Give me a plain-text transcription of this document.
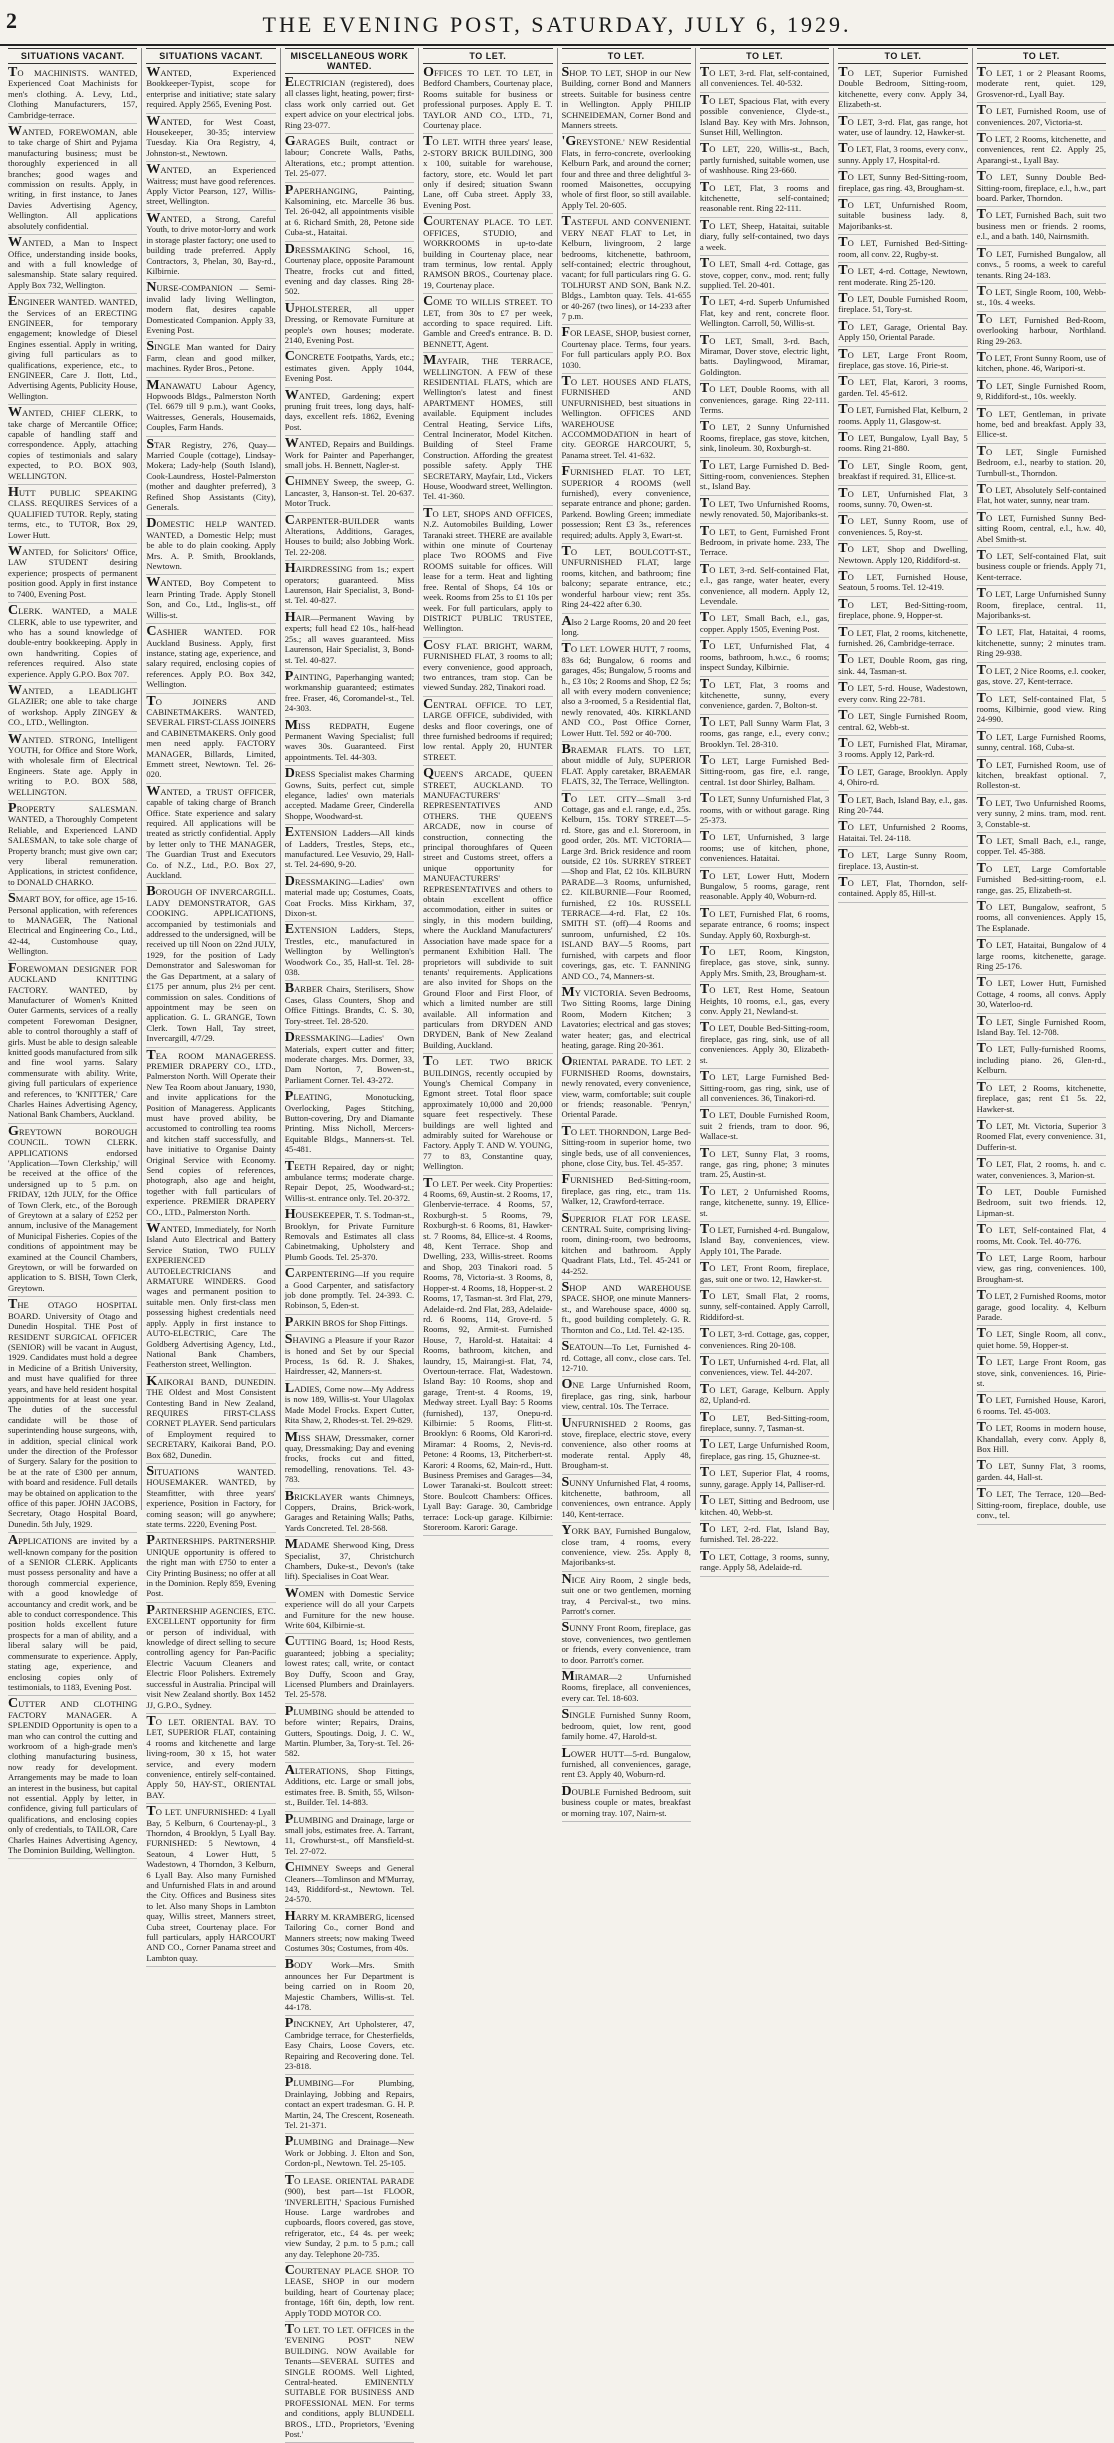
2	THE EVENING POST, SATURDAY, JULY 6, 1929.
SITUATIONS VACANT.

TO MACHINISTS. WANTED, Experienced Coat Machinists for men's clothing. A. Levy, Ltd., Clothing Manufacturers, 157, Cambridge-terrace.

WANTED, FOREWOMAN, able to take charge of Shirt and Pyjama manufacturing business; must be thoroughly experienced in all branches; good wages and commission on results. Apply, in writing, in first instance, to Janes Davies Advertising Agency, Wellington. All applications absolutely confidential.

WANTED, a Man to Inspect Office, understanding inside books, and with a full knowledge of salesmanship. State salary required. Apply Box 732, Wellington.

ENGINEER WANTED. WANTED, the Services of an ERECTING ENGINEER, for temporary engagement; knowledge of Diesel Engines essential. Apply in writing, giving full particulars as to qualifications, experience, etc., to ENGINEER, Care J. Ilott, Ltd., Advertising Agents, Publicity House, Wellington.

WANTED, CHIEF CLERK, to take charge of Mercantile Office; capable of handling staff and correspondence. Apply, attaching copies of testimonials and salary expected, to P.O. BOX 903, WELLINGTON.

HUTT PUBLIC SPEAKING CLASS. REQUIRES Services of a QUALIFIED TUTOR. Reply, stating terms, etc., to TUTOR, Box 29, Lower Hutt.

WANTED, for Solicitors' Office, LAW STUDENT desiring experience; prospects of permanent position good. Apply in first instance to 7400, Evening Post.

CLERK. WANTED, a MALE CLERK, able to use typewriter, and who has a sound knowledge of double-entry bookkeeping. Apply in own handwriting. Copies of references required. Also state experience. Apply G.P.O. Box 707.

WANTED, a LEADLIGHT GLAZIER; one able to take charge of workshop. Apply ZINGEY & CO., LTD., Wellington.

WANTED. STRONG, Intelligent YOUTH, for Office and Store Work, with wholesale firm of Electrical Engineers. State age. Apply in writing to P.O. BOX 588, WELLINGTON.

PROPERTY SALESMAN. WANTED, a Thoroughly Competent Reliable, and Experienced LAND SALESMAN, to take sole charge of Property branch; must give own car; very liberal remuneration. Applications, in strictest confidence, to DONALD CHARKO.

SMART BOY, for office, age 15-16. Personal application, with references to MANAGER, The National Electrical and Engineering Co., Ltd., 42-44, Customhouse quay, Wellington.

FOREWOMAN DESIGNER FOR AUCKLAND KNITTING FACTORY. WANTED, by Manufacturer of Women's Knitted Outer Garments, services of a really competent Forewoman Designer, able to control thoroughly a staff of girls. Must be able to design saleable knitted goods manufactured from silk and fine wool yarns. Salary commensurate with ability. Write, giving full particulars of experience and references, to 'KNITTER,' Care Charles Haines Advertising Agency, National Bank Chambers, Auckland.

GREYTOWN BOROUGH COUNCIL. TOWN CLERK. APPLICATIONS endorsed 'Application—Town Clerkship,' will be received at the office of the undersigned up to 5 p.m. on FRIDAY, 12th JULY, for the Office of Town Clerk, etc., of the Borough of Greytown at a salary of £252 per annum, inclusive of the Management of Municipal Fisheries. Copies of the conditions of appointment may be examined at the Council Chambers, Greytown, or will be forwarded on application to S. BISH, Town Clerk, Greytown.

THE OTAGO HOSPITAL BOARD. University of Otago and Dunedin Hospital. THE Post of RESIDENT SURGICAL OFFICER (SENIOR) will be vacant in August, 1929. Candidates must hold a degree in Medicine of a British University, and must have qualified for three years, and have held resident hospital appointments for at least one year. The duties of the successful candidate will be those of superintending house surgeons, with, in addition, special clinical work under the direction of the Professor of Surgery. Salary for the position to be at the rate of £300 per annum, with board and residence. Full details may be obtained on application to the office of this paper. JOHN JACOBS, Secretary, Otago Hospital Board, Dunedin. 5th July, 1929.

APPLICATIONS are invited by a well-known company for the position of a SENIOR CLERK. Applicants must possess personality and have a thorough commercial experience, with a good knowledge of accountancy and credit work, and be able to conduct correspondence. This position holds excellent future prospects for a man of ability, and a liberal salary will be paid, commensurate to experience. Apply, stating age, experience, and enclosing copies only of testimonials, to 1183, Evening Post.

CUTTER AND CLOTHING FACTORY MANAGER. A SPLENDID Opportunity is open to a man who can control the cutting and workroom of a high-grade men's clothing manufacturing business, now ready for development. Arrangements may be made to loan an interest in the business, but capital not essential. Apply by letter, in confidence, giving full particulars of qualifications, and enclosing copies only of credentials, to TAILOR, Care Charles Haines Advertising Agency, The Dominion Building, Wellington.

SITUATIONS VACANT.

WANTED, Experienced Bookkeeper-Typist, scope for enterprise and initiative; state salary required. Apply 2565, Evening Post.

WANTED, for West Coast, Housekeeper, 30-35; interview Tuesday. Kia Ora Registry, 4, Johnston-st., Newtown.

WANTED, an Experienced Waitress; must have good references. Apply Victor Pearson, 127, Willis-street, Wellington.

WANTED, a Strong, Careful Youth, to drive motor-lorry and work in storage plaster factory; one used to building trade preferred. Apply Contractors, 3, Phelan, 30, Bay-rd., Kilbirnie.

NURSE-COMPANION — Semi-invalid lady living Wellington, modern flat, desires capable Domesticated Companion. Apply 33, Evening Post.

SINGLE Man wanted for Dairy Farm, clean and good milker, machines. Ryder Bros., Petone.

MANAWATU Labour Agency, Hopwoods Bldgs., Palmerston North (Tel. 6679 till 9 p.m.), want Cooks, Waitresses, Generals, Housemaids, Couples, Farm Hands.

STAR Registry, 276, Quay—Married Couple (cottage), Lindsay-Mokera; Lady-help (South Island), Cook-Laundress, Hostel-Palmerston (mother and daughter preferred), 3 Refined Shop Assistants (City), Generals.

DOMESTIC HELP WANTED. WANTED, a Domestic Help; must be able to do plain cooking. Apply Mrs. A. P. Smith, Brooklands, Newtown.

WANTED, Boy Competent to learn Printing Trade. Apply Stonell Son, and Co., Ltd., Inglis-st., off Willis-st.

CASHIER WANTED. FOR Auckland Business. Apply, first instance, stating age, experience, and salary required, enclosing copies of references. Apply P.O. Box 342, Wellington.

TO JOINERS AND CABINETMAKERS. WANTED, SEVERAL FIRST-CLASS JOINERS and CABINETMAKERS. Only good men need apply. FACTORY MANAGER, Billards, Limited, Emmett street, Newtown. Tel. 26-020.

WANTED, a TRUST OFFICER, capable of taking charge of Branch Office. State experience and salary required. All applications will be treated as strictly confidential. Apply by letter only to THE MANAGER, The Guardian Trust and Executors Co. of N.Z., Ltd., P.O. Box 27, Auckland.

BOROUGH OF INVERCARGILL. LADY DEMONSTRATOR, GAS COOKING. APPLICATIONS, accompanied by testimonials and addressed to the undersigned, will be received up till Noon on 22nd JULY, 1929, for the position of Lady Demonstrator and Saleswoman for the Gas Department, at a salary of £175 per annum, plus 2½ per cent. commission on sales. Conditions of appointment may be seen on application. G. L. GRANGE, Town Clerk. Town Hall, Tay street, Invercargill, 4/7/29.

TEA ROOM MANAGERESS. PREMIER DRAPERY CO., LTD., Palmerston North. Will Operate their New Tea Room about January, 1930, and invite applications for the Position of Manageress. Applicants must have proved ability, be accustomed to controlling tea rooms and kitchen staff successfully, and have initiative to Organise Dainty Original Service with Economy. Send copies of references, photograph, also age and height, together with full particulars of experience. PREMIER DRAPERY CO., LTD., Palmerston North.

WANTED, Immediately, for North Island Auto Electrical and Battery Service Station, TWO FULLY EXPERIENCED AUTOELECTRICIANS and ARMATURE WINDERS. Good wages and permanent position to suitable men. Only first-class men possessing highest credentials need apply. Apply in first instance to AUTO-ELECTRIC, Care The Goldberg Advertising Agency, Ltd., National Bank Chambers, Featherston street, Wellington.

KAIKORAI BAND, DUNEDIN. THE Oldest and Most Consistent Contesting Band in New Zealand, REQUIRES FIRST-CLASS CORNET PLAYER. Send particulars of Employment required to SECRETARY, Kaikorai Band, P.O. Box 682, Dunedin.

SITUATIONS WANTED. HOUSEMAKER. WANTED, by Steamfitter, with three years' experience, Position in Factory, for coming season; will go anywhere; state terms. 2220, Evening Post.

PARTNERSHIPS. PARTNERSHIP. UNIQUE opportunity is offered to the right man with £750 to enter a City Printing Business; no offer at all in the Dominion. Reply 859, Evening Post.

PARTNERSHIP AGENCIES, ETC. EXCELLENT opportunity for firm or person of individual, with knowledge of direct selling to secure controlling agency for Pan-Pacific Electric Vacuum Cleaners and Electric Floor Polishers. Extremely successful in Australia. Principal will visit New Zealand shortly. Box 1452 JJ, G.P.O., Sydney.

TO LET. ORIENTAL BAY. TO LET, SUPERIOR FLAT, containing 4 rooms and kitchenette and large living-room, 30 x 15, hot water service, and every modern convenience, entirely self-contained. Apply 50, HAY-ST., ORIENTAL BAY.

TO LET. UNFURNISHED: 4 Lyall Bay, 5 Kelburn, 6 Courtenay-pl., 3 Thorndon, 4 Brooklyn, 5 Lyall Bay. FURNISHED: 5 Newtown, 4 Seatoun, 4 Lower Hutt, 5 Wadestown, 4 Thorndon, 3 Kelburn, 6 Lyall Bay. Also many Furnished and Unfurnished Flats in and around the City. Offices and Business sites to let. Also many Shops in Lambton quay, Willis street, Manners street, Cuba street, Courtenay place. For full particulars, apply HARCOURT AND CO., Corner Panama street and Lambton quay.

MISCELLANEOUS WORK WANTED.

ELECTRICIAN (registered), does all classes light, heating, power; first-class work only carried out. Get expert advice on your electrical jobs. Ring 23-077.

GARAGES Built, contract or labour; Concrete Walls, Paths, Alterations, etc.; prompt attention. Tel. 25-077.

PAPERHANGING, Painting, Kalsomining, etc. Marcelle 36 bus. Tel. 26-042, all appointments visible at 6. Richard Smith, 28, Petone side Cuba-st., Hataitai.

DRESSMAKING School, 16, Courtenay place, opposite Paramount Theatre, frocks cut and fitted, evening and day classes. Ring 28-502.

UPHOLSTERER, all upper Dressing, or Removate Furniture at people's own houses; moderate. 2140, Evening Post.

CONCRETE Footpaths, Yards, etc.; estimates given. Apply 1044, Evening Post.

WANTED, Gardening; expert pruning fruit trees, long days, half-days, excellent refs. 1862, Evening Post.

WANTED, Repairs and Buildings. Work for Painter and Paperhanger, small jobs. H. Bennett, Nagler-st.

CHIMNEY Sweep, the sweep, G. Lancaster, 3, Hanson-st. Tel. 20-637. Motor Truck.

CARPENTER-BUILDER wants Alterations, Additions, Garages, Houses to build; also Jobbing Work. Tel. 22-208.

HAIRDRESSING from 1s.; expert operators; guaranteed. Miss Laurenson, Hair Specialist, 3, Bond-st. Tel. 40-827.

HAIR—Permanent Waving by experts; full head £2 10s., half-head 25s.; all waves guaranteed. Miss Laurenson, Hair Specialist, 3, Bond-st. Tel. 40-827.

PAINTING, Paperhanging wanted; workmanship guaranteed; estimates free. Fraser, 46, Coromandel-st., Tel. 24-303.

MISS REDPATH, Eugene Permanent Waving Specialist; full waves 30s. Guaranteed. First appointments. Tel. 44-303.

DRESS Specialist makes Charming Gowns, Suits, perfect cut, simple elegance, ladies' own materials accepted. Madame Greer, Cinderella Shoppe, Woodward-st.

EXTENSION Ladders—All kinds of Ladders, Trestles, Steps, etc., manufactured. Lee Vesuvio, 29, Hall-st. Tel. 24-690, 9-20.

DRESSMAKING—Ladies' own material made up; Costumes, Coats, Coat Frocks. Miss Kirkham, 37, Dixon-st.

EXTENSION Ladders, Steps, Trestles, etc., manufactured in Wellington by Wellington's Woodwork Co., 35, Hall-st. Tel. 28-038.

BARBER Chairs, Sterilisers, Show Cases, Glass Counters, Shop and Office Fittings. Brandts, C. S. 30, Tory-street. Tel. 28-520.

DRESSMAKING—Ladies' Own Materials, expert cutter and fitter; moderate charges. Mrs. Dormer, 33, Dam Norton, 7, Bowen-st., Parliament Corner. Tel. 43-272.

PLEATING, Monotucking, Overlocking, Pages Stitching, Button-covering, Dry and Diamante Printing. Miss Nicholl, Mercers-Equitable Bldgs., Manners-st. Tel. 45-481.

TEETH Repaired, day or night; ambulance terms; moderate charge. Repair Depot, 25, Woodward-st.; Willis-st. entrance only. Tel. 20-372.

HOUSEKEEPER, T. S. Todman-st., Brooklyn, for Private Furniture Removals and Estimates all class Cabinetmaking, Upholstery and Plumb Goods. Tel. 25-370.

CARPENTERING—If you require a Good Carpenter, and satisfactory job done promptly. Tel. 24-393. C. Robinson, 5, Eden-st.

PARKIN BROS for Shop Fittings.

SHAVING a Pleasure if your Razor is honed and Set by our Special Process, 1s 6d. R. J. Shakes, Hairdresser, 42, Manners-st.

LADIES, Come now—My Address is now 189, Willis-st. Your Ulagolax Made Model Frocks. Expert Cutter, Rita Shaw, 2, Rhodes-st. Tel. 29-829.

MISS SHAW, Dressmaker, corner quay, Dressmaking; Day and evening frocks, frocks cut and fitted, remodelling, renovations. Tel. 43-783.

BRICKLAYER wants Chimneys, Coppers, Drains, Brick-work, Garages and Retaining Walls; Paths, Yards Concreted. Tel. 28-568.

MADAME Sherwood King, Dress Specialist, 37, Christchurch Chambers, Duke-st., Devon's (take lift). Specialises in Coat Wear.

WOMEN with Domestic Service experience will do all your Carpets and Furniture for the new house. Write 604, Kilbirnie-st.

CUTTING Board, 1s; Hood Rests, guaranteed; jobbing a speciality; lowest rates; call, write, or contact Boy Duffy, Scoon and Gray, Licensed Plumbers and Drainlayers. Tel. 25-578.

PLUMBING should be attended to before winter; Repairs, Drains, Gutters, Spoutings. Doig, J. C. W., Martin. Plumber, 3a, Tory-st. Tel. 26-582.

ALTERATIONS, Shop Fittings, Additions, etc. Large or small jobs, estimates free. B. Smith, 55, Wilson-st., Builder. Tel. 14-883.

PLUMBING and Drainage, large or small jobs, estimates free. A. Tarrant, 11, Crowhurst-st., off Mansfield-st. Tel. 27-072.

CHIMNEY Sweeps and General Cleaners—Tomlinson and M'Murray, 143, Riddiford-st., Newtown. Tel. 24-570.

HARRY M. KRAMBERG, licensed Tailoring Co., corner Bond and Manners streets; now making Tweed Costumes 30s; Costumes, from 40s.

BODY Work—Mrs. Smith announces her Fur Department is being carried on in Room 20, Majestic Chambers, Willis-st. Tel. 44-178.

PINCKNEY, Art Upholsterer, 47, Cambridge terrace, for Chesterfields, Easy Chairs, Loose Covers, etc. Repairing and Recovering done. Tel. 23-818.

PLUMBING—For Plumbing, Drainlaying, Jobbing and Repairs, contact an expert tradesman. G. H. P. Martin, 24, The Crescent, Roseneath. Tel. 21-371.

PLUMBING and Drainage—New Work or Jobbing. J. Elton and Son, Cordon-pl., Newtown. Tel. 25-105.

TO LEASE. ORIENTAL PARADE (900), best part—1st FLOOR, 'INVERLEITH,' Spacious Furnished House. Large wardrobes and cupboards, floors covered, gas stove, refrigerator, etc., £4 4s. per week; view Sunday, 2 p.m. to 5 p.m.; call any day. Telephone 20-735.

COURTENAY PLACE SHOP. TO LEASE, SHOP in our modern building, heart of Courtenay place; frontage, 16ft 6in, depth, low rent. Apply TODD MOTOR CO.

TO LET. TO LET. OFFICES in the 'EVENING POST' NEW BUILDING. NOW Available for Tenants—SEVERAL SUITES and SINGLE ROOMS. Well Lighted, Central-heated. EMINENTLY SUITABLE FOR BUSINESS AND PROFESSIONAL MEN. For terms and conditions, apply BLUNDELL BROS., LTD., Proprietors, 'Evening Post.'

TO LET.

OFFICES TO LET. TO LET, in Bedford Chambers, Courtenay place, Rooms suitable for business or professional purposes. Apply E. T. TAYLOR AND CO., LTD., 71, Courtenay place.

TO LET. WITH three years' lease, 2-STORY BRICK BUILDING, 300 x 100, suitable for warehouse, factory, store, etc. Would let part only if desired; situation Swann Lane, off Cuba street. Apply 33, Evening Post.

COURTENAY PLACE. TO LET. OFFICES, STUDIO, and WORKROOMS in up-to-date building in Courtenay place, near tram terminus, low rental. Apply RAMSON BROS., Courtenay place. 19, Courtenay place.

COME TO WILLIS STREET. TO LET, from 30s to £7 per week, according to space required. Lift. Gamble and Creed's entrance. B. D. BENNETT, Agent.

MAYFAIR, THE TERRACE, WELLINGTON. A FEW of these RESIDENTIAL FLATS, which are Wellington's latest and finest APARTMENT HOMES, still available. Equipment includes Central Heating, Service Lifts, Central Incinerator, Model Kitchen. Building of Steel Frame Construction. Affording the greatest possible safety. Apply THE SECRETARY, Mayfair, Ltd., Vickers House, Woodward street, Wellington. Tel. 41-360.

TO LET, SHOPS AND OFFICES, N.Z. Automobiles Building, Lower Taranaki street. THERE are available within one minute of Courtenay place Two ROOMS and Five ROOMS suitable for offices. Will lease for a term. Heat and lighting free. Rental of Shops, £4 10s or week. Rooms from 25s to £1 10s per week. For full particulars, apply to DISTRICT PUBLIC TRUSTEE, Wellington.

COSY FLAT. BRIGHT, WARM, FURNISHED FLAT, 3 rooms to all; every convenience, good approach, two entrances, tram stop. Can be viewed Sunday. 282, Tinakori road.

CENTRAL OFFICE. TO LET, LARGE OFFICE, subdivided, with desks and floor coverings, one of three furnished bedrooms if required; low rental. Apply 20, HUNTER STREET.

QUEEN'S ARCADE, QUEEN STREET, AUCKLAND. TO MANUFACTURERS' REPRESENTATIVES AND OTHERS. THE QUEEN'S ARCADE, now in course of construction, connecting the principal thoroughfares of Queen street and Customs street, offers a unique opportunity for MANUFACTURERS' REPRESENTATIVES and others to obtain excellent office accommodation, either in suites or singly, in this modern building, where the Auckland Manufacturers' Association have made space for a permanent Exhibition Hall. The proprietors will subdivide to suit tenants' requirements. Applications are also invited for Shops on the Ground Floor and First Floor, of which a limited number are still available. All information and particulars from DRYDEN AND DRYDEN, Bank of New Zealand Building, Auckland.

TO LET. TWO BRICK BUILDINGS, recently occupied by Young's Chemical Company in Egmont street. Total floor space approximately 10,000 and 20,000 square feet respectively. These buildings are well lighted and admirably suited for Warehouse or Factory. Apply T. AND W. YOUNG, 77 to 83, Constantine quay, Wellington.

TO LET. Per week. City Properties: 4 Rooms, 69, Austin-st. 2 Rooms, 17, Glenbervie-terrace. 4 Rooms, 57, Roxburgh-st. 5 Rooms, 79, Roxburgh-st. 6 Rooms, 81, Hawker-st. 7 Rooms, 84, Ellice-st. 4 Rooms, 48, Kent Terrace. Shop and Dwelling, 233, Willis-street. Rooms and Shop, 203 Tinakori road. 5 Rooms, 78, Victoria-st. 3 Rooms, 8, Hopper-st. 4 Rooms, 18, Hopper-st. 2 Rooms, 17, Tasman-st. 3rd Flat, 279, Adelaide-rd. 2nd Flat, 283, Adelaide-rd. 6 Rooms, 114, Grove-rd. 5 Rooms, 92, Armit-st. Furnished House, 7, Harold-st. Hataitai: 4 Rooms, bathroom, kitchen, and laundry, 15, Mairangi-st. Flat, 74, Overtoun-terrace. Flat, Wadestown. Island Bay: 10 Rooms, shop and garage, Trent-st. 4 Rooms, 19, Medway street. Lyall Bay: 5 Rooms (furnished), 137, Onepu-rd. Kilbirnie: 5 Rooms, Flitt-st. Brooklyn: 6 Rooms, Old Karori-rd. Miramar: 4 Rooms, 2, Nevis-rd. Petone: 4 Rooms, 13, Pitcherbert-st. Karori: 4 Rooms, 62, Main-rd., Hutt. Business Premises and Garages—34, Lower Taranaki-st. Boulcott street: Store. Boulcott Chambers: Offices. Lyall Bay: Garage. 30, Cambridge terrace: Lock-up garage. Kilbirnie: Storeroom. Karori: Garage.

TO LET.

SHOP. TO LET, SHOP in our New Building, corner Bond and Manners streets. Suitable for business centre in Wellington. Apply PHILIP SCHNEIDEMAN, Corner Bond and Manners streets.

'GREYSTONE.' NEW Residential Flats, in ferro-concrete, overlooking Kelburn Park, and around the corner; four and three and three delightful 3-roomed Maisonettes, occupying whole of first floor, so still available. Apply Tel. 20-605.

TASTEFUL AND CONVENIENT. VERY NEAT FLAT to Let, in Kelburn, livingroom, 2 large bedrooms, kitchenette, bathroom, self-contained; electric throughout, vacant; for full particulars ring G. G. TOLHURST AND SON, Bank N.Z. Bldgs., Lambton quay. Tels. 41-655 or 40-267 (two lines), or 14-233 after 7 p.m.

FOR LEASE, SHOP, busiest corner, Courtenay place. Terms, four years. For full particulars apply P.O. Box 1030.

TO LET. HOUSES AND FLATS, FURNISHED AND UNFURNISHED, best situations in Wellington. OFFICES AND WAREHOUSE ACCOMMODATION in heart of city. GEORGE HARCOURT, 5, Panama street. Tel. 41-632.

FURNISHED FLAT. TO LET, SUPERIOR 4 ROOMS (well furnished), every convenience, separate entrance and phone; garden. Parkend. Bowling Green; immediate possession; Rent £3 3s., references required; adults. Apply 3, Ewart-st.

TO LET, BOULCOTT-ST., UNFURNISHED FLAT, large rooms, kitchen, and bathroom; fine balcony; separate entrance, etc.; wonderful harbour view; rent 35s. Ring 24-422 after 6.30.

Also 2 Large Rooms, 20 and 20 feet long.

TO LET. LOWER HUTT, 7 rooms, 83s 6d; Bungalow, 6 rooms and garages, 45s; Bungalow, 5 rooms and h., £3 10s; 2 Rooms and Shop, £2 5s; all with every modern convenience; also a 3-roomed, 5 a Residential flat, newly renovated, 40s. KIRKLAND AND CO., Post Office Corner, Lower Hutt. Tel. 592 or 40-700.

BRAEMAR FLATS. TO LET, about middle of July, SUPERIOR FLAT. Apply caretaker, BRAEMAR FLATS, 32, The Terrace, Wellington.

TO LET. CITY—Small 3-rd Cottage, gas and e.l. range, e.d., 25s. Kelburn, 15s. TORY STREET—5-rd. Store, gas and e.l. Storeroom, in good order, 20s. MT. VICTORIA—Large 3rd. Brick residence and room outside, £2 10s. SURREY STREET—Shop and Flat, £2 10s. KILBURN PARADE—3 Rooms, unfurnished, £2. KILBURNIE—Four Roomed, furnished, £2 10s. RUSSELL TERRACE—4-rd. Flat, £2 10s. SMITH ST. (off)—4 Rooms and sunroom, unfurnished, £2 10s. ISLAND BAY—5 Rooms, part furnished, with carpets and floor coverings, gas, etc. T. FANNING AND CO., 74, Manners-st.

MY VICTORIA. Seven Bedrooms, Two Sitting Rooms, large Dining Room, Modern Kitchen; 3 Lavatories; electrical and gas stoves; water heater; gas, and electrical heating, garage. Ring 20-361.

ORIENTAL PARADE. TO LET. 2 FURNISHED Rooms, downstairs, newly renovated, every convenience, view, warm, comfortable; suit couple or friends; reasonable. 'Penryn,' Oriental Parade.

TO LET. THORNDON, Large Bed-Sitting-room in superior home, two single beds, use of all conveniences, phone, close City, bus. Tel. 45-357.

FURNISHED Bed-Sitting-room, fireplace, gas ring, etc., tram 11s. Walker, 12, Crawford-terrace.

SUPERIOR FLAT FOR LEASE. CENTRAL Suite, comprising living-room, dining-room, two bedrooms, kitchen and bathroom. Apply Quadrant Flats, Ltd., Tel. 45-241 or 44-252.

SHOP AND WAREHOUSE SPACE. SHOP, one minute Manners-st., and Warehouse space, 4000 sq. ft., good building completely. G. R. Thornton and Co., Ltd. Tel. 42-135.

SEATOUN—To Let, Furnished 4-rd. Cottage, all conv., close cars. Tel. 12-710.

ONE Large Unfurnished Room, fireplace, gas ring, sink, harbour view, central. 10s. The Terrace.

UNFURNISHED 2 Rooms, gas stove, fireplace, electric stove, every convenience, also other rooms at moderate rental. Apply 48, Brougham-st.

SUNNY Unfurnished Flat, 4 rooms, kitchenette, bathroom, all conveniences, own entrance. Apply 140, Kent-terrace.

YORK BAY, Furnished Bungalow, close tram, 4 rooms, every convenience, view. 25s. Apply 8, Majoribanks-st.

NICE Airy Room, 2 single beds, suit one or two gentlemen, morning tray, 4 Percival-st., two mins. Parrott's corner.

SUNNY Front Room, fireplace, gas stove, conveniences, two gentlemen or friends, every convenience, tram to door. Parrott's corner.

MIRAMAR—2 Unfurnished Rooms, fireplace, all conveniences, every car. Tel. 18-603.

SINGLE Furnished Sunny Room, bedroom, quiet, low rent, good family home. 47, Harold-st.

LOWER HUTT—5-rd. Bungalow, furnished, all conveniences, garage, rent £3. Apply 40, Woburn-rd.

DOUBLE Furnished Bedroom, suit business couple or mates, breakfast or morning tray. 107, Nairn-st.

TO LET.

TO LET, 3-rd. Flat, self-contained, all conveniences. Tel. 40-532.

TO LET, Spacious Flat, with every possible convenience, Clyde-st., Island Bay. Key with Mrs. Johnson, Sunset Hill, Wellington.

TO LET, 220, Willis-st., Bach, partly furnished, suitable women, use of washhouse. Ring 23-660.

TO LET, Flat, 3 rooms and kitchenette, self-contained; reasonable rent. Ring 22-111.

TO LET, Sheep, Hataitai, suitable diary, fully self-contained, two days a week.

TO LET, Small 4-rd. Cottage, gas stove, copper, conv., mod. rent; fully supplied. Tel. 20-401.

TO LET, 4-rd. Superb Unfurnished Flat, key and rent, concrete floor. Wellington. Carroll, 50, Willis-st.

TO LET, Small, 3-rd. Bach, Miramar, Dover stove, electric light, batts. Daylingwood, Miramar, Goldington.

TO LET, Double Rooms, with all conveniences, garage. Ring 22-111. Terms.

TO LET, 2 Sunny Unfurnished Rooms, fireplace, gas stove, kitchen, sink, linoleum. 30, Roxburgh-st.

TO LET, Large Furnished D. Bed-Sitting-room, conveniences. Stephen st., Island Bay.

TO LET, Two Unfurnished Rooms, newly renovated. 50, Majoribanks-st.

TO LET, to Gent, Furnished Front Bedroom, in private home. 233, The Terrace.

TO LET, 3-rd. Self-contained Flat, e.l., gas range, water heater, every convenience, all modern. Apply 12, Levendale.

TO LET, Small Bach, e.l., gas, copper. Apply 1505, Evening Post.

TO LET, Unfurnished Flat, 4 rooms, bathroom, h.w.c., 6 rooms; inspect Sunday, Kilbirnie.

TO LET, Flat, 3 rooms and kitchenette, sunny, every convenience, garden. 7, Bolton-st.

TO LET, Pall Sunny Warm Flat, 3 rooms, gas range, e.l., every conv.; Brooklyn. Tel. 28-310.

TO LET, Large Furnished Bed-Sitting-room, gas fire, e.l. range, central. 1st door Shirley, Balham.

TO LET, Sunny Unfurnished Flat, 3 rooms, with or without garage. Ring 25-373.

TO LET, Unfurnished, 3 large rooms; use of kitchen, phone, conveniences. Hataitai.

TO LET, Lower Hutt, Modern Bungalow, 5 rooms, garage, rent reasonable. Apply 40, Woburn-rd.

TO LET, Furnished Flat, 6 rooms, separate entrance, 6 rooms; inspect Sunday. Apply 60, Roxburgh-st.

TO LET, Room, Kingston, fireplace, gas stove, sink, sunny. Apply Mrs. Smith, 23, Brougham-st.

TO LET, Rest Home, Seatoun Heights, 10 rooms, e.l., gas, every conv. Apply 21, Newland-st.

TO LET, Double Bed-Sitting-room, fireplace, gas ring, sink, use of all conveniences. Apply 30, Elizabeth-st.

TO LET, Large Furnished Bed-Sitting-room, gas ring, sink, use of all conveniences. 36, Tinakori-rd.

TO LET, Double Furnished Room, suit 2 friends, tram to door. 96, Wallace-st.

TO LET, Sunny Flat, 3 rooms, range, gas ring, phone; 3 minutes tram. 25, Austin-st.

TO LET, 2 Unfurnished Rooms, range, kitchenette, sunny. 19, Ellice-st.

TO LET, Furnished 4-rd. Bungalow, Island Bay, conveniences, view. Apply 101, The Parade.

TO LET, Front Room, fireplace, gas, suit one or two. 12, Hawker-st.

TO LET, Small Flat, 2 rooms, sunny, self-contained. Apply Carroll, Riddiford-st.

TO LET, 3-rd. Cottage, gas, copper, conveniences. Ring 20-108.

TO LET, Unfurnished 4-rd. Flat, all conveniences, view. Tel. 44-207.

TO LET, Garage, Kelburn. Apply 82, Upland-rd.

TO LET, Bed-Sitting-room, fireplace, sunny. 7, Tasman-st.

TO LET, Large Unfurnished Room, fireplace, gas ring. 15, Ghuznee-st.

TO LET, Superior Flat, 4 rooms, sunny, garage. Apply 14, Palliser-rd.

TO LET, Sitting and Bedroom, use kitchen. 40, Webb-st.

TO LET, 2-rd. Flat, Island Bay, furnished. Tel. 28-222.

TO LET, Cottage, 3 rooms, sunny, range. Apply 58, Adelaide-rd.

TO LET.

TO LET, Superior Furnished Double Bedroom, Sitting-room, kitchenette, every conv. Apply 34, Elizabeth-st.

TO LET, 3-rd. Flat, gas range, hot water, use of laundry. 12, Hawker-st.

TO LET, Flat, 3 rooms, every conv., sunny. Apply 17, Hospital-rd.

TO LET, Sunny Bed-Sitting-room, fireplace, gas ring. 43, Brougham-st.

TO LET, Unfurnished Room, suitable business lady. 8, Majoribanks-st.

TO LET, Furnished Bed-Sitting-room, all conv. 22, Rugby-st.

TO LET, 4-rd. Cottage, Newtown, rent moderate. Ring 25-120.

TO LET, Double Furnished Room, fireplace. 51, Tory-st.

TO LET, Garage, Oriental Bay. Apply 150, Oriental Parade.

TO LET, Large Front Room, fireplace, gas stove. 16, Pirie-st.

TO LET, Flat, Karori, 3 rooms, garden. Tel. 45-612.

TO LET, Furnished Flat, Kelburn, 2 rooms. Apply 11, Glasgow-st.

TO LET, Bungalow, Lyall Bay, 5 rooms. Ring 21-880.

TO LET, Single Room, gent, breakfast if required. 31, Ellice-st.

TO LET, Unfurnished Flat, 3 rooms, sunny. 70, Owen-st.

TO LET, Sunny Room, use of conveniences. 5, Roy-st.

TO LET, Shop and Dwelling, Newtown. Apply 120, Riddiford-st.

TO LET, Furnished House, Seatoun, 5 rooms. Tel. 12-419.

TO LET, Bed-Sitting-room, fireplace, phone. 9, Hopper-st.

TO LET, Flat, 2 rooms, kitchenette, furnished. 26, Cambridge-terrace.

TO LET, Double Room, gas ring, sink. 44, Tasman-st.

TO LET, 5-rd. House, Wadestown, every conv. Ring 22-781.

TO LET, Single Furnished Room, central. 62, Webb-st.

TO LET, Furnished Flat, Miramar, 3 rooms. Apply 12, Park-rd.

TO LET, Garage, Brooklyn. Apply 4, Ohiro-rd.

TO LET, Bach, Island Bay, e.l., gas. Ring 20-744.

TO LET, Unfurnished 2 Rooms, Hataitai. Tel. 24-118.

TO LET, Large Sunny Room, fireplace. 13, Austin-st.

TO LET, Flat, Thorndon, self-contained. Apply 85, Hill-st.

TO LET.

TO LET, 1 or 2 Pleasant Rooms, moderate rent, quiet. 129, Grosvenor-rd., Lyall Bay.

TO LET, Furnished Room, use of conveniences. 207, Victoria-st.

TO LET, 2 Rooms, kitchenette, and conveniences, rent £2. Apply 25, Aparangi-st., Lyall Bay.

TO LET, Sunny Double Bed-Sitting-room, fireplace, e.l., h.w., part board. Parker, Thorndon.

TO LET, Furnished Bach, suit two business men or friends. 2 rooms, e.l., and a bath. 140, Nairnsmith.

TO LET, Furnished Bungalow, all convs., 5 rooms, a week to careful tenants. Ring 24-183.

TO LET, Single Room, 100, Webb-st., 10s. 4 weeks.

TO LET, Furnished Bed-Room, overlooking harbour, Northland. Ring 29-263.

TO LET, Front Sunny Room, use of kitchen, phone. 46, Waripori-st.

TO LET, Single Furnished Room, 9, Riddiford-st., 10s. weekly.

TO LET, Gentleman, in private home, bed and breakfast. Apply 33, Ellice-st.

TO LET, Single Furnished Bedroom, e.l., nearby to station. 20, Turnbull-st., Thorndon.

TO LET, Absolutely Self-contained Flat, hot water, sunny, near tram.

TO LET, Furnished Sunny Bed-sitting Room, central, e.l., h.w. 40, Abel Smith-st.

TO LET, Self-contained Flat, suit business couple or friends. Apply 71, Kent-terrace.

TO LET, Large Unfurnished Sunny Room, fireplace, central. 11, Majoribanks-st.

TO LET, Flat, Hataitai, 4 rooms, kitchenette, sunny; 2 minutes tram. Ring 29-938.

TO LET, 2 Nice Rooms, e.l. cooker, gas, stove. 27, Kent-terrace.

TO LET, Self-contained Flat, 5 rooms, Kilbirnie, good view. Ring 24-990.

TO LET, Large Furnished Rooms, sunny, central. 168, Cuba-st.

TO LET, Furnished Room, use of kitchen, breakfast optional. 7, Rolleston-st.

TO LET, Two Unfurnished Rooms, very sunny, 2 mins. tram, mod. rent. 3, Constable-st.

TO LET, Small Bach, e.l., range, copper. Tel. 45-388.

TO LET, Large Comfortable Furnished Bed-sitting-room, e.l. range, gas. 25, Elizabeth-st.

TO LET, Bungalow, seafront, 5 rooms, all conveniences. Apply 15, The Esplanade.

TO LET, Hataitai, Bungalow of 4 large rooms, kitchenette, garage. Ring 25-176.

TO LET, Lower Hutt, Furnished Cottage, 4 rooms, all convs. Apply 30, Waterloo-rd.

TO LET, Single Furnished Room, Island Bay. Tel. 12-708.

TO LET, Fully-furnished Rooms, including piano. 26, Glen-rd., Kelburn.

TO LET, 2 Rooms, kitchenette, fireplace, gas; rent £1 5s. 22, Hawker-st.

TO LET, Mt. Victoria, Superior 3 Roomed Flat, every convenience. 31, Dufferin-st.

TO LET, Flat, 2 rooms, h. and c. water, conveniences. 3, Marion-st.

TO LET, Double Furnished Bedroom, suit two friends. 12, Lipman-st.

TO LET, Self-contained Flat, 4 rooms, Mt. Cook. Tel. 40-776.

TO LET, Large Room, harbour view, gas ring, conveniences. 100, Brougham-st.

TO LET, 2 Furnished Rooms, motor garage, good locality. 4, Kelburn Parade.

TO LET, Single Room, all conv., quiet home. 59, Hopper-st.

TO LET, Large Front Room, gas stove, sink, conveniences. 16, Pirie-st.

TO LET, Furnished House, Karori, 6 rooms. Tel. 45-003.

TO LET, Rooms in modern house, Khandallah, every conv. Apply 8, Box Hill.

TO LET, Sunny Flat, 3 rooms, garden. 44, Hall-st.

TO LET, The Terrace, 120—Bed-Sitting-room, fireplace, double, use conv., tel.
